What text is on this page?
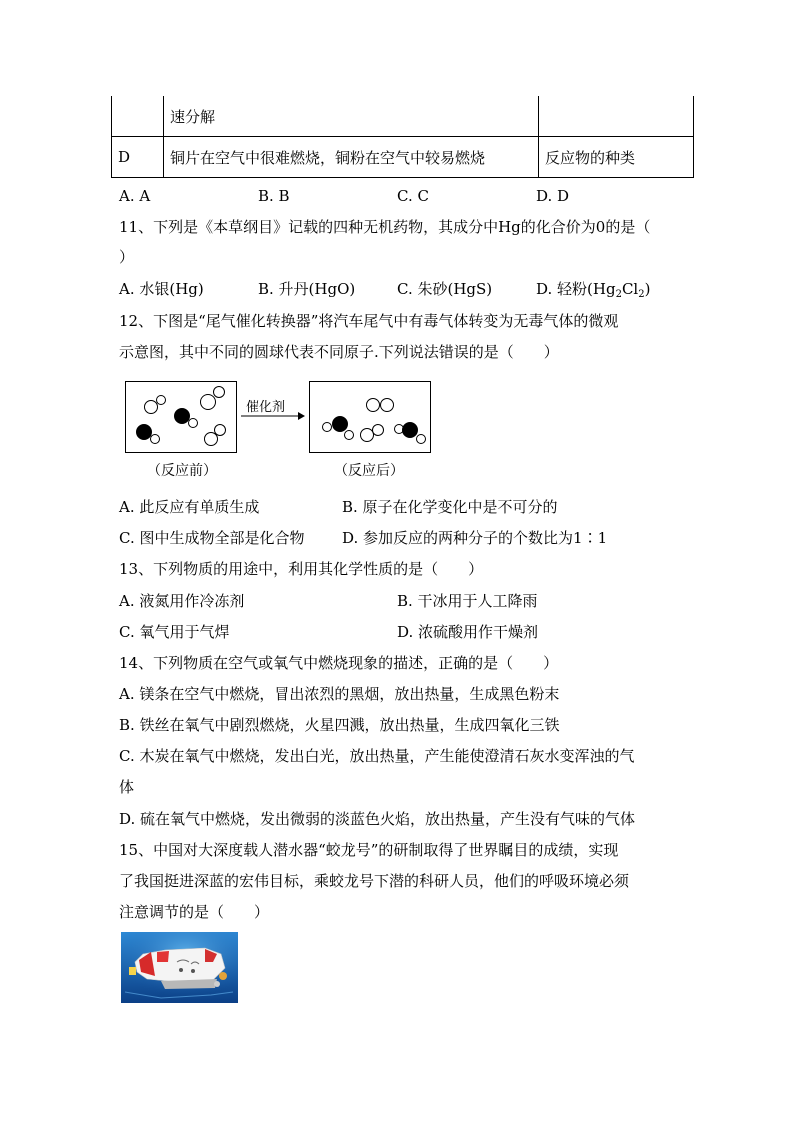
	速分解	
D	铜片在空气中很难燃烧，铜粉在空气中较易燃烧	反应物的种类
A. A	B. B	C. C	D. D
11、下列是《本草纲目》记载的四种无机药物，其成分中Hg的化合价为0的是（
）
A. 水银(Hg)	B. 升丹(HgO)	C. 朱砂(HgS)	D. 轻粉$(Hg_2Cl_2)$
12、下图是“尾气催化转换器”将汽车尾气中有毒气体转变为无毒气体的微观
示意图，其中不同的圆球代表不同原子.下列说法错误的是（　　）
催化剂
（反应前）	（反应后）
A. 此反应有单质生成	B. 原子在化学变化中是不可分的
C. 图中生成物全部是化合物	D. 参加反应的两种分子的个数比为1∶1
13、下列物质的用途中，利用其化学性质的是（　　）
A. 液氮用作冷冻剂	B. 干冰用于人工降雨
C. 氧气用于气焊	D. 浓硫酸用作干燥剂
14、下列物质在空气或氧气中燃烧现象的描述，正确的是（　　）
A. 镁条在空气中燃烧，冒出浓烈的黑烟，放出热量，生成黑色粉末
B. 铁丝在氧气中剧烈燃烧，火星四溅，放出热量，生成四氧化三铁
C. 木炭在氧气中燃烧，发出白光，放出热量，产生能使澄清石灰水变浑浊的气
体
D. 硫在氧气中燃烧，发出微弱的淡蓝色火焰，放出热量，产生没有气味的气体
15、中国对大深度载人潜水器“蛟龙号”的研制取得了世界瞩目的成绩，实现
了我国挺进深蓝的宏伟目标，乘蛟龙号下潜的科研人员，他们的呼吸环境必须
注意调节的是（　　）
